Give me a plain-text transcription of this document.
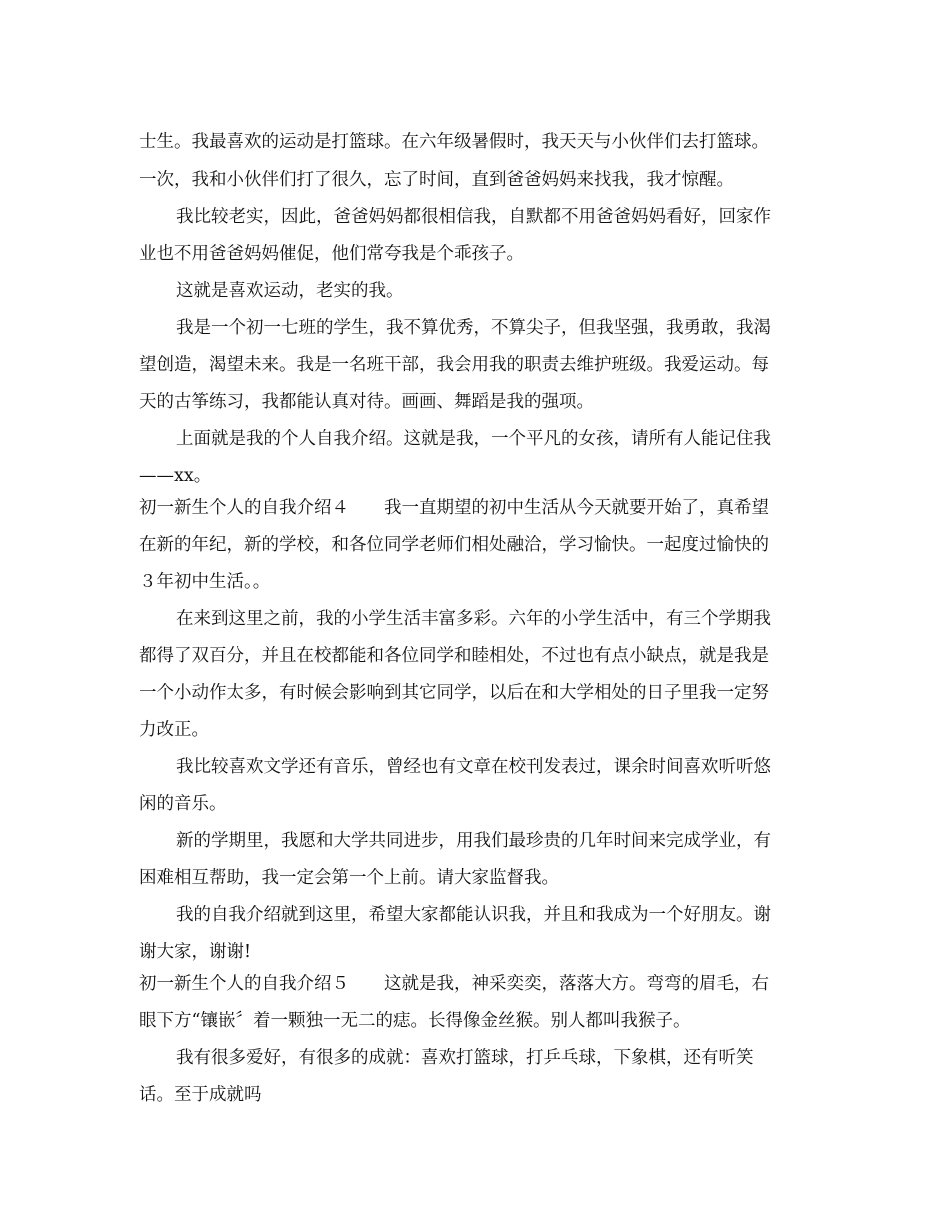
士生。我最喜欢的运动是打篮球。在六年级暑假时，我天天与小伙伴们去打篮球。
一次，我和小伙伴们打了很久，忘了时间，直到爸爸妈妈来找我，我才惊醒。
我比较老实，因此，爸爸妈妈都很相信我，自默都不用爸爸妈妈看好，回家作
业也不用爸爸妈妈催促，他们常夸我是个乖孩子。
这就是喜欢运动，老实的我。
我是一个初一七班的学生，我不算优秀，不算尖子，但我坚强，我勇敢，我渴
望创造，渴望未来。我是一名班干部，我会用我的职责去维护班级。我爱运动。每
天的古筝练习，我都能认真对待。画画、舞蹈是我的强项。
上面就是我的个人自我介绍。这就是我，一个平凡的女孩，请所有人能记住我
——xx。
初一新生个人的自我介绍４　　我一直期望的初中生活从今天就要开始了，真希望
在新的年纪，新的学校，和各位同学老师们相处融洽，学习愉快。一起度过愉快的
３年初中生活。。
在来到这里之前，我的小学生活丰富多彩。六年的小学生活中，有三个学期我
都得了双百分，并且在校都能和各位同学和睦相处，不过也有点小缺点，就是我是
一个小动作太多，有时候会影响到其它同学，以后在和大学相处的日子里我一定努
力改正。
我比较喜欢文学还有音乐，曾经也有文章在校刊发表过，课余时间喜欢听听悠
闲的音乐。
新的学期里，我愿和大学共同进步，用我们最珍贵的几年时间来完成学业，有
困难相互帮助，我一定会第一个上前。请大家监督我。
我的自我介绍就到这里，希望大家都能认识我，并且和我成为一个好朋友。谢
谢大家，谢谢!
初一新生个人的自我介绍５　　这就是我，神采奕奕，落落大方。弯弯的眉毛，右
眼下方“镶嵌〞着一颗独一无二的痣。长得像金丝猴。别人都叫我猴子。
我有很多爱好，有很多的成就：喜欢打篮球，打乒乓球，下象棋，还有听笑
话。至于成就吗
